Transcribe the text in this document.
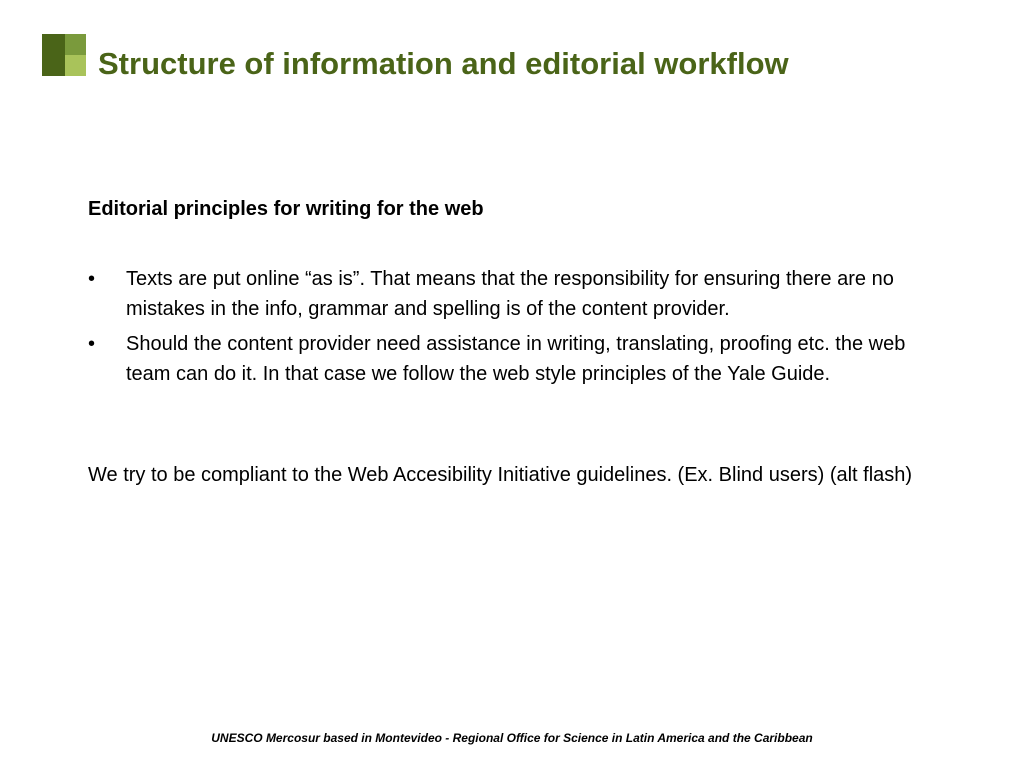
Structure of information and editorial workflow
Editorial principles for writing for the web
• Texts are put online “as is”. That means that the responsibility for ensuring there are no mistakes in the info, grammar and spelling is of the content provider.
• Should the content provider need assistance in writing, translating, proofing etc. the web team can do it. In that case we follow the web style principles of the Yale Guide.
We try to be compliant to the Web Accesibility Initiative guidelines. (Ex. Blind users) (alt flash)
UNESCO Mercosur based in Montevideo - Regional Office for Science in Latin America and the Caribbean
